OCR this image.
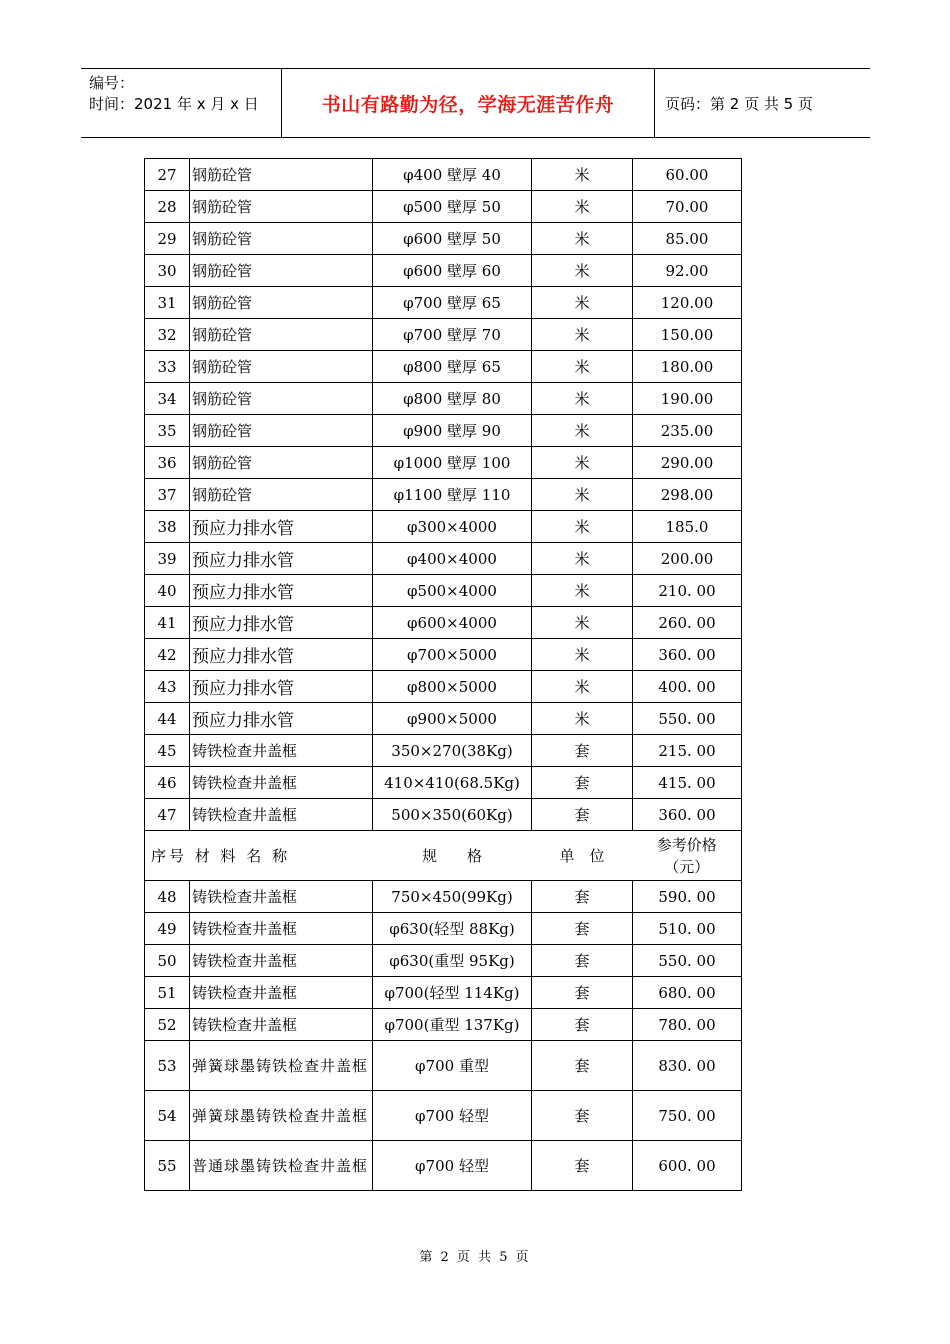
编号：
时间：2021 年 x 月 x 日	书山有路勤为径，学海无涯苦作舟	页码：第 2 页 共 5 页
27	钢筋砼管	φ400 壁厚 40	米	60.00
28	钢筋砼管	φ500 壁厚 50	米	70.00
29	钢筋砼管	φ600 壁厚 50	米	85.00
30	钢筋砼管	φ600 壁厚 60	米	92.00
31	钢筋砼管	φ700 壁厚 65	米	120.00
32	钢筋砼管	φ700 壁厚 70	米	150.00
33	钢筋砼管	φ800 壁厚 65	米	180.00
34	钢筋砼管	φ800 壁厚 80	米	190.00
35	钢筋砼管	φ900 壁厚 90	米	235.00
36	钢筋砼管	φ1000 壁厚 100	米	290.00
37	钢筋砼管	φ1100 壁厚 110	米	298.00
38	预应力排水管	φ300×4000	米	185.0
39	预应力排水管	φ400×4000	米	200.00
40	预应力排水管	φ500×4000	米	210. 00
41	预应力排水管	φ600×4000	米	260. 00
42	预应力排水管	φ700×5000	米	360. 00
43	预应力排水管	φ800×5000	米	400. 00
44	预应力排水管	φ900×5000	米	550. 00
45	铸铁检查井盖框	350×270(38Kg)	套	215. 00
46	铸铁检查井盖框	410×410(68.5Kg)	套	415. 00
47	铸铁检查井盖框	500×350(60Kg)	套	360. 00
序号 材 料 名 称		规　　格	单　位	参考价格
（元）

48	铸铁检查井盖框	750×450(99Kg)	套	590. 00
49	铸铁检查井盖框	φ630(轻型 88Kg)	套	510. 00
50	铸铁检查井盖框	φ630(重型 95Kg)	套	550. 00
51	铸铁检查井盖框	φ700(轻型 114Kg)	套	680. 00
52	铸铁检查井盖框	φ700(重型 137Kg)	套	780. 00
53	弹簧球墨铸铁检查井盖框	φ700 重型	套	830. 00
54	弹簧球墨铸铁检查井盖框	φ700 轻型	套	750. 00
55	普通球墨铸铁检查井盖框	φ700 轻型	套	600. 00
第 2 页 共 5 页
